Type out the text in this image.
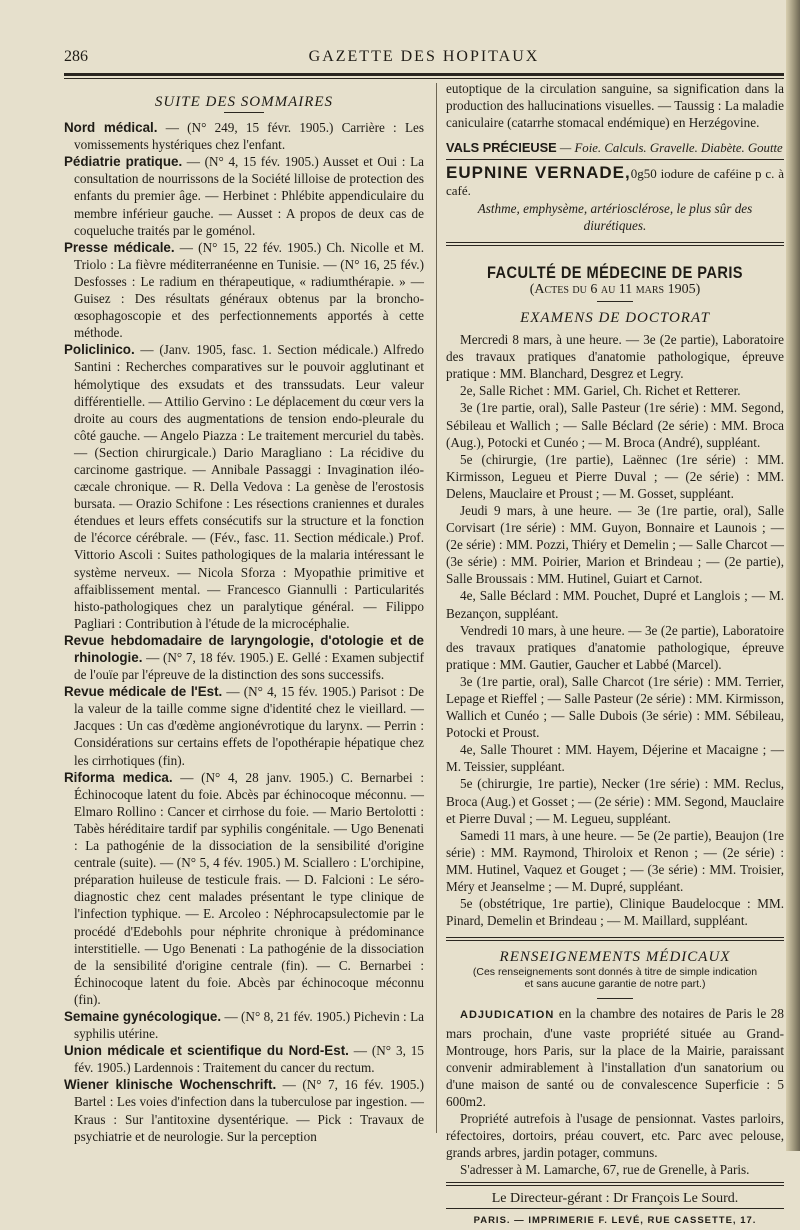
286	GAZETTE DES HOPITAUX
SUITE DES SOMMAIRES

Nord médical. — (N° 249, 15 févr. 1905.) Carrière : Les vomissements hystériques chez l'enfant.

Pédiatrie pratique. — (N° 4, 15 fév. 1905.) Ausset et Oui : La consultation de nourrissons de la Société lilloise de protection des enfants du premier âge. — Herbinet : Phlébite appendiculaire du membre inférieur gauche. — Ausset : A propos de deux cas de coqueluche traités par le goménol.

Presse médicale. — (N° 15, 22 fév. 1905.) Ch. Nicolle et M. Triolo : La fièvre méditerranéenne en Tunisie. — (N° 16, 25 fév.) Desfosses : Le radium en thérapeutique, « radiumthérapie. » — Guisez : Des résultats généraux obtenus par la broncho-œsophagoscopie et des perfectionnements apportés à cette méthode.

Policlinico. — (Janv. 1905, fasc. 1. Section médicale.) Alfredo Santini : Recherches comparatives sur le pouvoir agglutinant et hémolytique des exsudats et des transsudats. Leur valeur différentielle. — Attilio Gervino : Le déplacement du cœur vers la droite au cours des augmentations de tension endo-pleurale du côté gauche. — Angelo Piazza : Le traitement mercuriel du tabès. — (Section chirurgicale.) Dario Maragliano : La récidive du carcinome gastrique. — Annibale Passaggi : Invagination iléo-cæcale chronique. — R. Della Vedova : La genèse de l'erostosis bursata. — Orazio Schifone : Les résections craniennes et durales étendues et leurs effets consécutifs sur la structure et la fonction de l'écorce cérébrale. — (Fév., fasc. 11. Section médicale.) Prof. Vittorio Ascoli : Suites pathologiques de la malaria intéressant le système nerveux. — Nicola Sforza : Myopathie primitive et affaiblissement mental. — Francesco Giannulli : Particularités histo-pathologiques chez un paralytique général. — Filippo Pagliari : Contribution à l'étude de la microcéphalie.

Revue hebdomadaire de laryngologie, d'otologie et de rhinologie. — (N° 7, 18 fév. 1905.) E. Gellé : Examen subjectif de l'ouïe par l'épreuve de la distinction des sons successifs.

Revue médicale de l'Est. — (N° 4, 15 fév. 1905.) Parisot : De la valeur de la taille comme signe d'identité chez le vieillard. — Jacques : Un cas d'œdème angionévrotique du larynx. — Perrin : Considérations sur certains effets de l'opothérapie hépatique chez les cirrhotiques (fin).

Riforma medica. — (N° 4, 28 janv. 1905.) C. Bernarbei : Échinocoque latent du foie. Abcès par échinocoque méconnu. — Elmaro Rollino : Cancer et cirrhose du foie. — Mario Bertolotti : Tabès héréditaire tardif par syphilis congénitale. — Ugo Benenati : La pathogénie de la dissociation de la sensibilité d'origine centrale (suite). — (N° 5, 4 fév. 1905.) M. Sciallero : L'orchipine, préparation huileuse de testicule frais. — D. Falcioni : Le séro-diagnostic chez cent malades présentant le type clinique de l'infection typhique. — E. Arcoleo : Néphrocapsulectomie par le procédé d'Edebohls pour néphrite chronique à prédominance interstitielle. — Ugo Benenati : La pathogénie de la dissociation de la sensibilité d'origine centrale (fin). — C. Bernarbei : Échinocoque latent du foie. Abcès par échinocoque méconnu (fin).

Semaine gynécologique. — (N° 8, 21 fév. 1905.) Pichevin : La syphilis utérine.

Union médicale et scientifique du Nord-Est. — (N° 3, 15 fév. 1905.) Lardennois : Traitement du cancer du rectum.

Wiener klinische Wochenschrift. — (N° 7, 16 fév. 1905.) Bartel : Les voies d'infection dans la tuberculose par ingestion. — Kraus : Sur l'antitoxine dysentérique. — Pick : Travaux de psychiatrie et de neurologie. Sur la perception

eutoptique de la circulation sanguine, sa signification dans la production des hallucinations visuelles. — Taussig : La maladie caniculaire (catarrhe stomacal endémique) en Herzégovine.

VALS PRÉCIEUSE — Foie. Calculs. Gravelle. Diabète. Goutte
EUPNINE VERNADE,0g50 iodure de caféine p c. à café.
Asthme, emphysème, artériosclérose, le plus sûr des diurétiques.
FACULTÉ DE MÉDECINE DE PARIS
(Actes du 6 au 11 mars 1905)
EXAMENS DE DOCTORAT

Mercredi 8 mars, à une heure. — 3e (2e partie), Laboratoire des travaux pratiques d'anatomie pathologique, épreuve pratique : MM. Blanchard, Desgrez et Legry.

2e, Salle Richet : MM. Gariel, Ch. Richet et Retterer.

3e (1re partie, oral), Salle Pasteur (1re série) : MM. Segond, Sébileau et Wallich ; — Salle Béclard (2e série) : MM. Broca (Aug.), Potocki et Cunéo ; — M. Broca (André), suppléant.

5e (chirurgie, (1re partie), Laënnec (1re série) : MM. Kirmisson, Legueu et Pierre Duval ; — (2e série) : MM. Delens, Mauclaire et Proust ; — M. Gosset, suppléant.

Jeudi 9 mars, à une heure. — 3e (1re partie, oral), Salle Corvisart (1re série) : MM. Guyon, Bonnaire et Launois ; — (2e série) : MM. Pozzi, Thiéry et Demelin ; — Salle Charcot — (3e série) : MM. Poirier, Marion et Brindeau ; — (2e partie), Salle Broussais : MM. Hutinel, Guiart et Carnot.

4e, Salle Béclard : MM. Pouchet, Dupré et Langlois ; — M. Bezançon, suppléant.

Vendredi 10 mars, à une heure. — 3e (2e partie), Laboratoire des travaux pratiques d'anatomie pathologique, épreuve pratique : MM. Gautier, Gaucher et Labbé (Marcel).

3e (1re partie, oral), Salle Charcot (1re série) : MM. Terrier, Lepage et Rieffel ; — Salle Pasteur (2e série) : MM. Kirmisson, Wallich et Cunéo ; — Salle Dubois (3e série) : MM. Sébileau, Potocki et Proust.

4e, Salle Thouret : MM. Hayem, Déjerine et Macaigne ; — M. Teissier, suppléant.

5e (chirurgie, 1re partie), Necker (1re série) : MM. Reclus, Broca (Aug.) et Gosset ; — (2e série) : MM. Segond, Mauclaire et Pierre Duval ; — M. Legueu, suppléant.

Samedi 11 mars, à une heure. — 5e (2e partie), Beaujon (1re série) : MM. Raymond, Thiroloix et Renon ; — (2e série) : MM. Hutinel, Vaquez et Gouget ; — (3e série) : MM. Troisier, Méry et Jeanselme ; — M. Dupré, suppléant.

5e (obstétrique, 1re partie), Clinique Baudelocque : MM. Pinard, Demelin et Brindeau ; — M. Maillard, suppléant.

RENSEIGNEMENTS MÉDICAUX
(Ces renseignements sont donnés à titre de simple indication
et sans aucune garantie de notre part.)

ADJUDICATION en la chambre des notaires de Paris le 28 mars prochain, d'une vaste propriété située au Grand-Montrouge, hors Paris, sur la place de la Mairie, paraissant convenir admirablement à l'installation d'un sanatorium ou d'une maison de santé ou de convalescence Superficie : 5 600m2.

Propriété autrefois à l'usage de pensionnat. Vastes parloirs, réfectoires, dortoirs, préau couvert, etc. Parc avec pelouse, grands arbres, jardin potager, communs.

S'adresser à M. Lamarche, 67, rue de Grenelle, à Paris.

Le Directeur-gérant : Dr François Le Sourd.
PARIS. — IMPRIMERIE F. LEVÉ, RUE CASSETTE, 17.
